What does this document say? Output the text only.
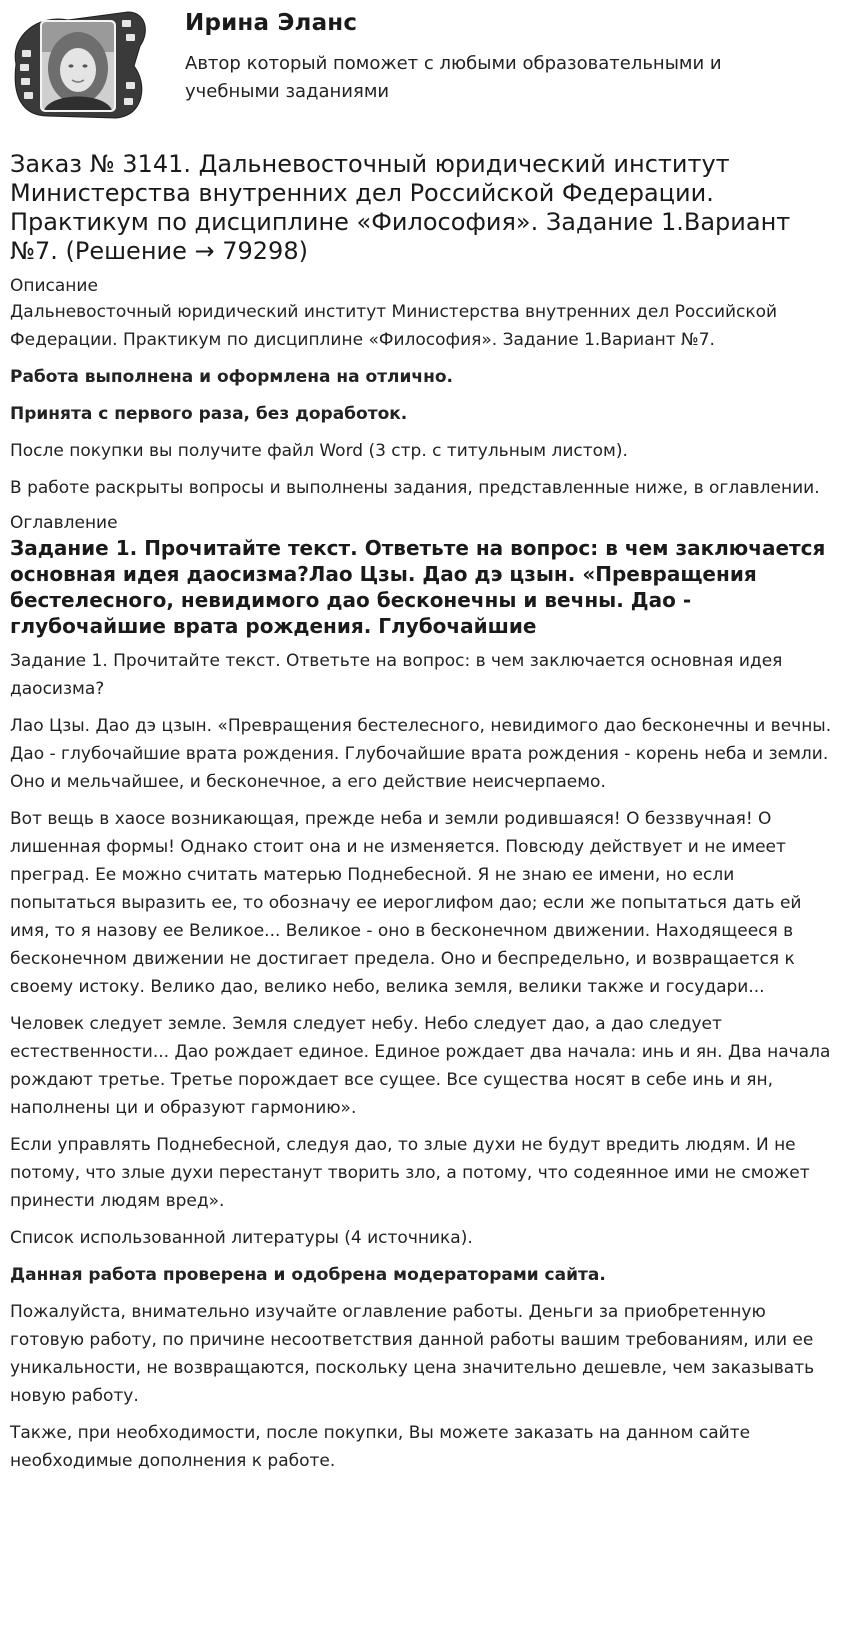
Ирина Эланс
Автор который поможет с любыми образовательными и учебными заданиями
Заказ № 3141. Дальневосточный юридический институт Министерства внутренних дел Российской Федерации. Практикум по дисциплине «Философия». Задание 1.Вариант №7. (Решение → 79298)
Описание

Дальневосточный юридический институт Министерства внутренних дел Российской Федерации. Практикум по дисциплине «Философия». Задание 1.Вариант №7.

Работа выполнена и оформлена на отлично.

Принята с первого раза, без доработок.

После покупки вы получите файл Word (3 стр. с титульным листом).

В работе раскрыты вопросы и выполнены задания, представленные ниже, в оглавлении.

Оглавление
Задание 1. Прочитайте текст. Ответьте на вопрос: в чем заключается основная идея даосизма?Лао Цзы. Дао дэ цзын. «Превращения бестелесного, невидимого дао бесконечны и вечны. Дао - глубочайшие врата рождения. Глубочайшие

Задание 1. Прочитайте текст. Ответьте на вопрос: в чем заключается основная идея даосизма?

Лао Цзы. Дао дэ цзын. «Превращения бестелесного, невидимого дао бесконечны и вечны. Дао - глубочайшие врата рождения. Глубочайшие врата рождения - корень неба и земли. Оно и мельчайшее, и бесконечное, а его действие неисчерпаемо.

Вот вещь в хаосе возникающая, прежде неба и земли родившаяся! О беззвучная! О лишенная формы! Однако стоит она и не изменяется. Повсюду действует и не имеет преград. Ее можно считать матерью Поднебесной. Я не знаю ее имени, но если попытаться выразить ее, то обозначу ее иероглифом дао; если же попытаться дать ей имя, то я назову ее Великое... Великое - оно в бесконечном движении. Находящееся в бесконечном движении не достигает предела. Оно и беспредельно, и возвращается к своему истоку. Велико дао, велико небо, велика земля, велики также и государи...

Человек следует земле. Земля следует небу. Небо следует дао, а дао следует естественности... Дао рождает единое. Единое рождает два начала: инь и ян. Два начала рождают третье. Третье порождает все сущее. Все существа носят в себе инь и ян, наполнены ци и образуют гармонию».

Если управлять Поднебесной, следуя дао, то злые духи не будут вредить людям. И не потому, что злые духи перестанут творить зло, а потому, что содеянное ими не сможет принести людям вред».

Список использованной литературы (4 источника).

Данная работа проверена и одобрена модераторами сайта.

Пожалуйста, внимательно изучайте оглавление работы. Деньги за приобретенную готовую работу, по причине несоответствия данной работы вашим требованиям, или ее уникальности, не возвращаются, поскольку цена значительно дешевле, чем заказывать новую работу.

Также, при необходимости, после покупки, Вы можете заказать на данном сайте необходимые дополнения к работе.
